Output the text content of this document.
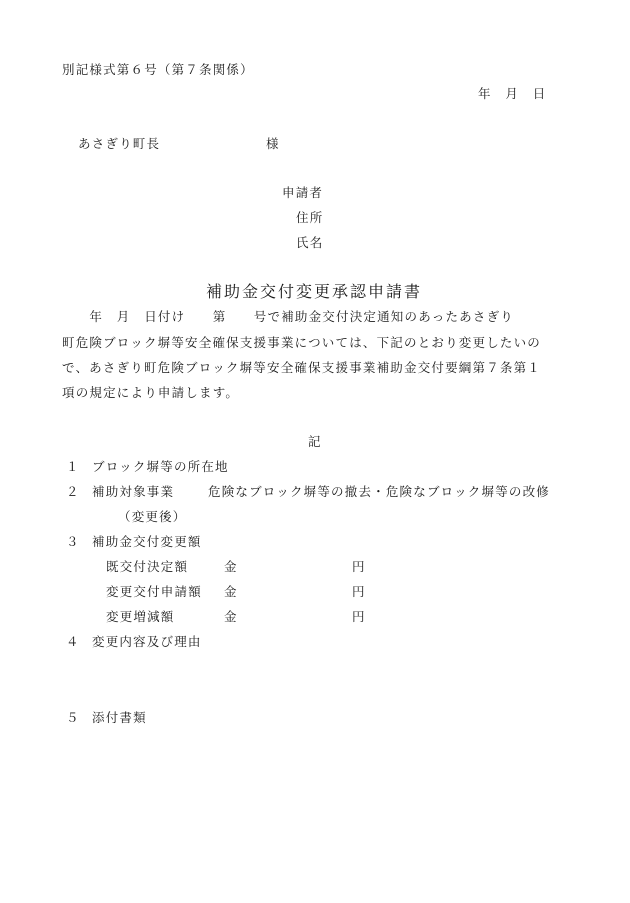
別記様式第６号（第７条関係）
年　月　日
あさぎり町長	様
申請者
住所
氏名
補助金交付変更承認申請書
　　年　月　日付け　　第　　号で補助金交付決定通知のあったあさぎり
町危険ブロック塀等安全確保支援事業については、下記のとおり変更したいの
で、あさぎり町危険ブロック塀等安全確保支援事業補助金交付要綱第７条第１
項の規定により申請します。
記
１ ブロック塀等の所在地
２ 補助対象事業	危険なブロック塀等の撤去・危険なブロック塀等の改修
（変更後）
３ 補助金交付変更額
既交付決定額	金	円
変更交付申請額 金	円
変更増減額	金	円
４ 変更内容及び理由
５ 添付書類
